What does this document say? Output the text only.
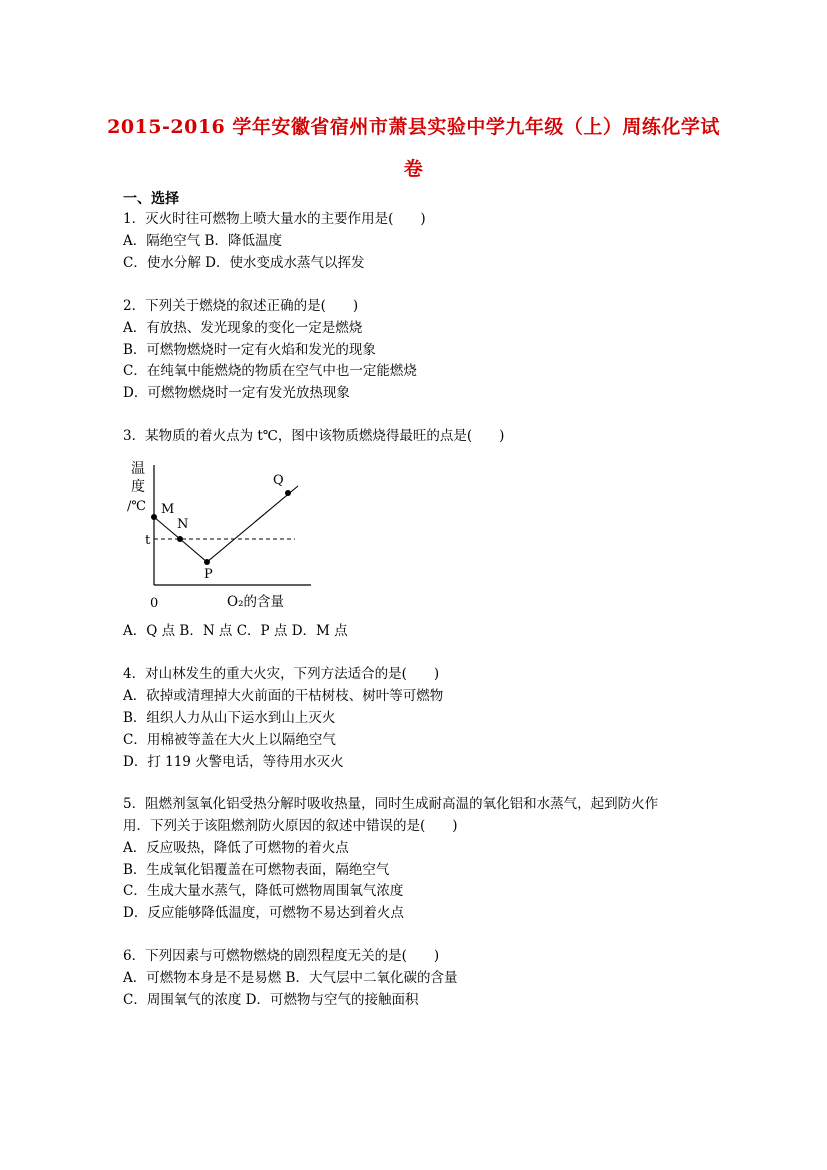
2015-2016 学年安徽省宿州市萧县实验中学九年级（上）周练化学试
卷
一、选择
1．灭火时往可燃物上喷大量水的主要作用是(　　)
A．隔绝空气 B．降低温度
C．使水分解 D．使水变成水蒸气以挥发
2．下列关于燃烧的叙述正确的是(　　)
A．有放热、发光现象的变化一定是燃烧
B．可燃物燃烧时一定有火焰和发光的现象
C．在纯氧中能燃烧的物质在空气中也一定能燃烧
D．可燃物燃烧时一定有发光放热现象
3．某物质的着火点为 t℃，图中该物质燃烧得最旺的点是(　　)
温
度
/℃
t
0	O₂的含量
M
N
P
Q
A．Q 点 B．N 点 C．P 点 D．M 点
4．对山林发生的重大火灾，下列方法适合的是(　　)
A．砍掉或清理掉大火前面的干枯树枝、树叶等可燃物
B．组织人力从山下运水到山上灭火
C．用棉被等盖在大火上以隔绝空气
D．打 119 火警电话，等待用水灭火
5．阻燃剂氢氧化铝受热分解时吸收热量，同时生成耐高温的氧化铝和水蒸气，起到防火作
用．下列关于该阻燃剂防火原因的叙述中错误的是(　　)
A．反应吸热，降低了可燃物的着火点
B．生成氧化铝覆盖在可燃物表面，隔绝空气
C．生成大量水蒸气，降低可燃物周围氧气浓度
D．反应能够降低温度，可燃物不易达到着火点
6．下列因素与可燃物燃烧的剧烈程度无关的是(　　)
A．可燃物本身是不是易燃 B．大气层中二氧化碳的含量
C．周围氧气的浓度 D．可燃物与空气的接触面积
